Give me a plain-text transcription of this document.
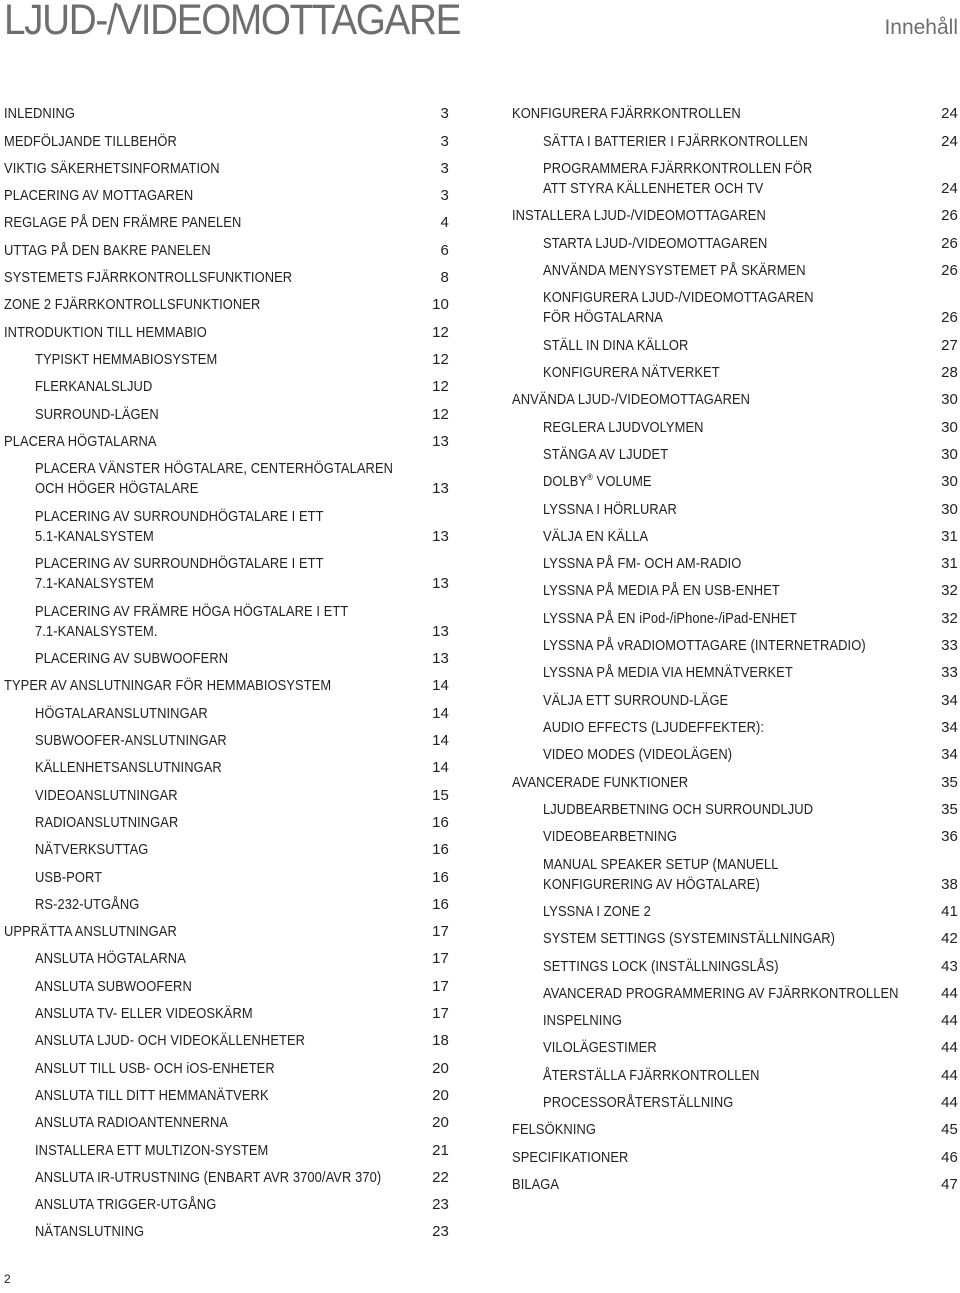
LJUD-/VIDEOMOTTAGARE	Innehåll
INLEDNING	3
MEDFÖLJANDE TILLBEHÖR	3
VIKTIG SÄKERHETSINFORMATION	3
PLACERING AV MOTTAGAREN	3
REGLAGE PÅ DEN FRÄMRE PANELEN	4
UTTAG PÅ DEN BAKRE PANELEN	6
SYSTEMETS FJÄRRKONTROLLSFUNKTIONER	8
ZONE 2 FJÄRRKONTROLLSFUNKTIONER	10
INTRODUKTION TILL HEMMABIO	12
TYPISKT HEMMABIOSYSTEM	12
FLERKANALSLJUD	12
SURROUND-LÄGEN	12
PLACERA HÖGTALARNA	13
PLACERA VÄNSTER HÖGTALARE, CENTERHÖGTALAREN
OCH HÖGER HÖGTALARE	13
PLACERING AV SURROUNDHÖGTALARE I ETT
5.1-KANALSYSTEM	13
PLACERING AV SURROUNDHÖGTALARE I ETT
7.1-KANALSYSTEM	13
PLACERING AV FRÄMRE HÖGA HÖGTALARE I ETT
7.1-KANALSYSTEM.	13
PLACERING AV SUBWOOFERN	13
TYPER AV ANSLUTNINGAR FÖR HEMMABIOSYSTEM	14
HÖGTALARANSLUTNINGAR	14
SUBWOOFER-ANSLUTNINGAR	14
KÄLLENHETSANSLUTNINGAR	14
VIDEOANSLUTNINGAR	15
RADIOANSLUTNINGAR	16
NÄTVERKSUTTAG	16
USB-PORT	16
RS-232-UTGÅNG	16
UPPRÄTTA ANSLUTNINGAR	17
ANSLUTA HÖGTALARNA	17
ANSLUTA SUBWOOFERN	17
ANSLUTA TV- ELLER VIDEOSKÄRM	17
ANSLUTA LJUD- OCH VIDEOKÄLLENHETER	18
ANSLUT TILL USB- OCH iOS-ENHETER	20
ANSLUTA TILL DITT HEMMANÄTVERK	20
ANSLUTA RADIOANTENNERNA	20
INSTALLERA ETT MULTIZON-SYSTEM	21
ANSLUTA IR-UTRUSTNING (ENBART AVR 3700/AVR 370)	22
ANSLUTA TRIGGER-UTGÅNG	23
NÄTANSLUTNING	23
KONFIGURERA FJÄRRKONTROLLEN	24
SÄTTA I BATTERIER I FJÄRRKONTROLLEN	24
PROGRAMMERA FJÄRRKONTROLLEN FÖR
ATT STYRA KÄLLENHETER OCH TV	24
INSTALLERA LJUD-/VIDEOMOTTAGAREN	26
STARTA LJUD-/VIDEOMOTTAGAREN	26
ANVÄNDA MENYSYSTEMET PÅ SKÄRMEN	26
KONFIGURERA LJUD-/VIDEOMOTTAGAREN
FÖR HÖGTALARNA	26
STÄLL IN DINA KÄLLOR	27
KONFIGURERA NÄTVERKET	28
ANVÄNDA LJUD-/VIDEOMOTTAGAREN	30
REGLERA LJUDVOLYMEN	30
STÄNGA AV LJUDET	30
DOLBY® VOLUME	30
LYSSNA I HÖRLURAR	30
VÄLJA EN KÄLLA	31
LYSSNA PÅ FM- OCH AM-RADIO	31
LYSSNA PÅ MEDIA PÅ EN USB-ENHET	32
LYSSNA PÅ EN iPod-/iPhone-/iPad-ENHET	32
LYSSNA PÅ vRADIOMOTTAGARE (INTERNETRADIO)	33
LYSSNA PÅ MEDIA VIA HEMNÄTVERKET	33
VÄLJA ETT SURROUND-LÄGE	34
AUDIO EFFECTS (LJUDEFFEKTER):	34
VIDEO MODES (VIDEOLÄGEN)	34
AVANCERADE FUNKTIONER	35
LJUDBEARBETNING OCH SURROUNDLJUD	35
VIDEOBEARBETNING	36
MANUAL SPEAKER SETUP (MANUELL
KONFIGURERING AV HÖGTALARE)	38
LYSSNA I ZONE 2	41
SYSTEM SETTINGS (SYSTEMINSTÄLLNINGAR)	42
SETTINGS LOCK (INSTÄLLNINGSLÅS)	43
AVANCERAD PROGRAMMERING AV FJÄRRKONTROLLEN	44
INSPELNING	44
VILOLÄGESTIMER	44
ÅTERSTÄLLA FJÄRRKONTROLLEN	44
PROCESSORÅTERSTÄLLNING	44
FELSÖKNING	45
SPECIFIKATIONER	46
BILAGA	47
2
